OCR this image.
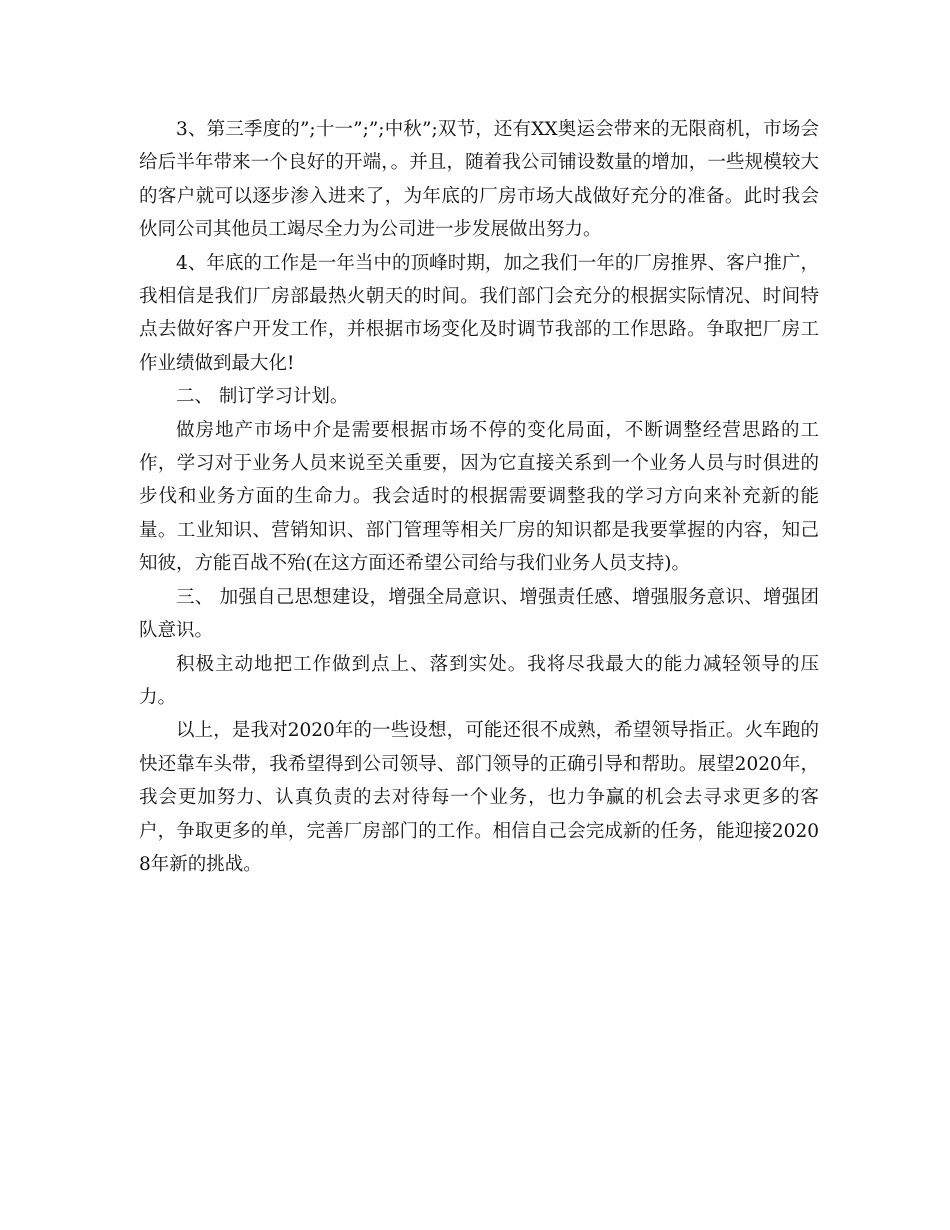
3、第三季度的”;十一”;”;中秋”;双节，还有XX奥运会带来的无限商机，市场会给后半年带来一个良好的开端，。并且，随着我公司铺设数量的增加，一些规模较大的客户就可以逐步渗入进来了，为年底的厂房市场大战做好充分的准备。此时我会伙同公司其他员工竭尽全力为公司进一步发展做出努力。

4、年底的工作是一年当中的顶峰时期，加之我们一年的厂房推界、客户推广，我相信是我们厂房部最热火朝天的时间。我们部门会充分的根据实际情况、时间特点去做好客户开发工作，并根据市场变化及时调节我部的工作思路。争取把厂房工作业绩做到最大化!

二、 制订学习计划。

做房地产市场中介是需要根据市场不停的变化局面，不断调整经营思路的工作，学习对于业务人员来说至关重要，因为它直接关系到一个业务人员与时俱进的步伐和业务方面的生命力。我会适时的根据需要调整我的学习方向来补充新的能量。工业知识、营销知识、部门管理等相关厂房的知识都是我要掌握的内容，知己知彼，方能百战不殆(在这方面还希望公司给与我们业务人员支持)。

三、 加强自己思想建设，增强全局意识、增强责任感、增强服务意识、增强团队意识。

积极主动地把工作做到点上、落到实处。我将尽我最大的能力减轻领导的压力。

以上，是我对2020年的一些设想，可能还很不成熟，希望领导指正。火车跑的快还靠车头带，我希望得到公司领导、部门领导的正确引导和帮助。展望2020年，我会更加努力、认真负责的去对待每一个业务，也力争赢的机会去寻求更多的客户，争取更多的单，完善厂房部门的工作。相信自己会完成新的任务，能迎接20208年新的挑战。
